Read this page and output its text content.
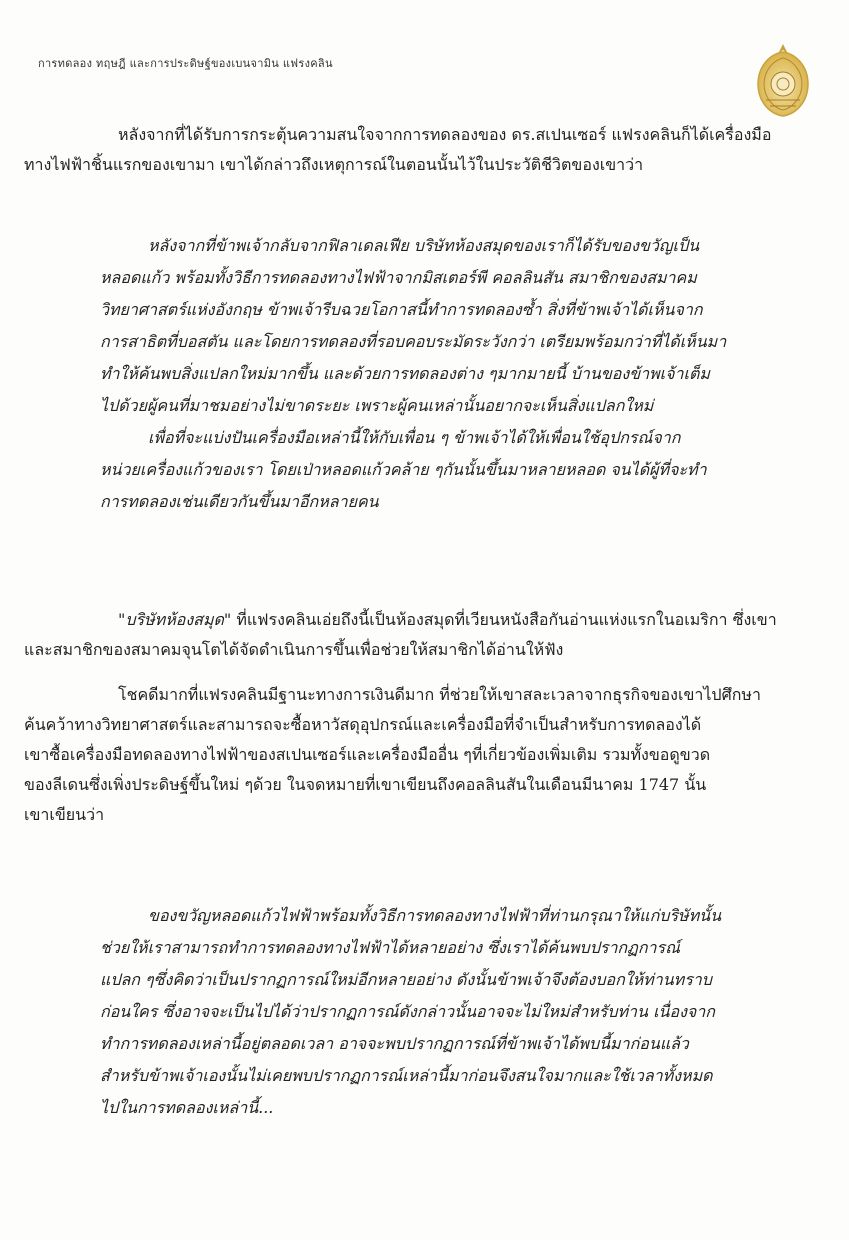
การทดลอง ทฤษฎี และการประดิษฐ์ของเบนจามิน แฟรงคลิน
หลังจากที่ได้รับการกระตุ้นความสนใจจากการทดลองของ ดร.สเปนเซอร์ แฟรงคลินก็ได้เครื่องมือ
ทางไฟฟ้าชิ้นแรกของเขามา เขาได้กล่าวถึงเหตุการณ์ในตอนนั้นไว้ในประวัติชีวิตของเขาว่า
หลังจากที่ข้าพเจ้ากลับจากฟิลาเดลเฟีย บริษัทห้องสมุดของเราก็ได้รับของขวัญเป็น
หลอดแก้ว พร้อมทั้งวิธีการทดลองทางไฟฟ้าจากมิสเตอร์พี คอลลินสัน สมาชิกของสมาคม
วิทยาศาสตร์แห่งอังกฤษ ข้าพเจ้ารีบฉวยโอกาสนี้ทำการทดลองซ้ำ สิ่งที่ข้าพเจ้าได้เห็นจาก
การสาธิตที่บอสตัน และโดยการทดลองที่รอบคอบระมัดระวังกว่า เตรียมพร้อมกว่าที่ได้เห็นมา
ทำให้ค้นพบสิ่งแปลกใหม่มากขึ้น และด้วยการทดลองต่าง ๆมากมายนี้ บ้านของข้าพเจ้าเต็ม
ไปด้วยผู้คนที่มาชมอย่างไม่ขาดระยะ เพราะผู้คนเหล่านั้นอยากจะเห็นสิ่งแปลกใหม่
เพื่อที่จะแบ่งปันเครื่องมือเหล่านี้ให้กับเพื่อน ๆ ข้าพเจ้าได้ให้เพื่อนใช้อุปกรณ์จาก
หน่วยเครื่องแก้วของเรา โดยเป่าหลอดแก้วคล้าย ๆกันนั้นขึ้นมาหลายหลอด จนได้ผู้ที่จะทำ
การทดลองเช่นเดียวกันขึ้นมาอีกหลายคน
"บริษัทห้องสมุด" ที่แฟรงคลินเอ่ยถึงนี้เป็นห้องสมุดที่เวียนหนังสือกันอ่านแห่งแรกในอเมริกา ซึ่งเขา
และสมาชิกของสมาคมจุนโตได้จัดดำเนินการขึ้นเพื่อช่วยให้สมาชิกได้อ่านให้ฟัง
โชคดีมากที่แฟรงคลินมีฐานะทางการเงินดีมาก ที่ช่วยให้เขาสละเวลาจากธุรกิจของเขาไปศึกษา
ค้นคว้าทางวิทยาศาสตร์และสามารถจะซื้อหาวัสดุอุปกรณ์และเครื่องมือที่จำเป็นสำหรับการทดลองได้
เขาซื้อเครื่องมือทดลองทางไฟฟ้าของสเปนเซอร์และเครื่องมืออื่น ๆที่เกี่ยวข้องเพิ่มเติม รวมทั้งขอดูขวด
ของลีเดนซึ่งเพิ่งประดิษฐ์ขึ้นใหม่ ๆด้วย ในจดหมายที่เขาเขียนถึงคอลลินสันในเดือนมีนาคม 1747 นั้น
เขาเขียนว่า
ของขวัญหลอดแก้วไฟฟ้าพร้อมทั้งวิธีการทดลองทางไฟฟ้าที่ท่านกรุณาให้แก่บริษัทนั้น
ช่วยให้เราสามารถทำการทดลองทางไฟฟ้าได้หลายอย่าง ซึ่งเราได้ค้นพบปรากฏการณ์
แปลก ๆซึ่งคิดว่าเป็นปรากฏการณ์ใหม่อีกหลายอย่าง ดังนั้นข้าพเจ้าจึงต้องบอกให้ท่านทราบ
ก่อนใคร ซึ่งอาจจะเป็นไปได้ว่าปรากฏการณ์ดังกล่าวนั้นอาจจะไม่ใหม่สำหรับท่าน เนื่องจาก
ทำการทดลองเหล่านี้อยู่ตลอดเวลา อาจจะพบปรากฏการณ์ที่ข้าพเจ้าได้พบนี้มาก่อนแล้ว
สำหรับข้าพเจ้าเองนั้นไม่เคยพบปรากฏการณ์เหล่านี้มาก่อนจึงสนใจมากและใช้เวลาทั้งหมด
ไปในการทดลองเหล่านี้...
